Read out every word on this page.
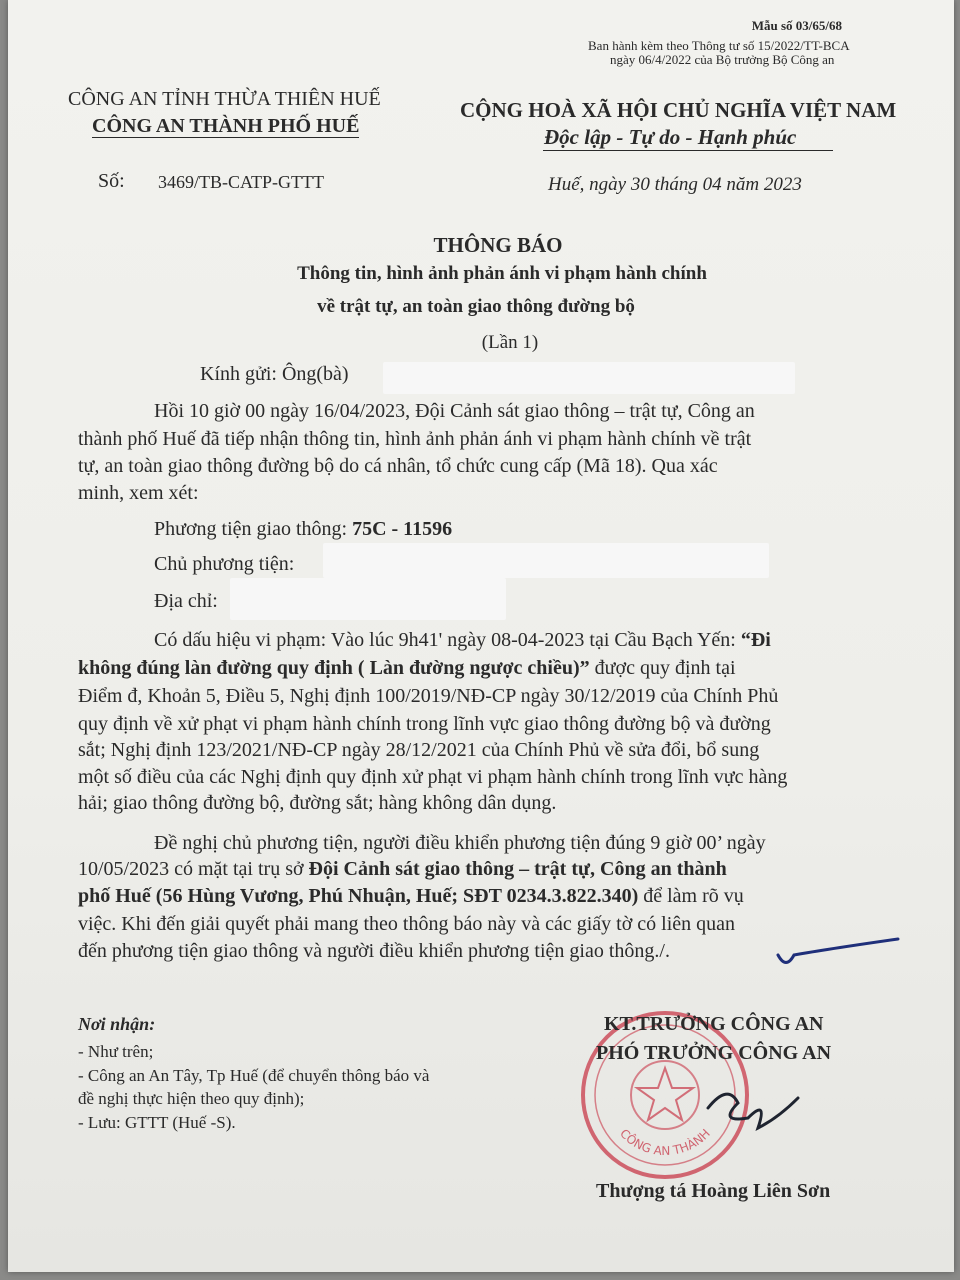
Mẫu số 03/65/68
Ban hành kèm theo Thông tư số 15/2022/TT-BCA
ngày 06/4/2022 của Bộ trưởng Bộ Công an
CÔNG AN TỈNH THỪA THIÊN HUẾ
CÔNG AN THÀNH PHỐ HUẾ
Số: 3469/TB-CATP-GTTT
CỘNG HOÀ XÃ HỘI CHỦ NGHĨA VIỆT NAM
Độc lập - Tự do - Hạnh phúc
Huế, ngày 30 tháng 04 năm 2023
THÔNG BÁO
Thông tin, hình ảnh phản ánh vi phạm hành chính
về trật tự, an toàn giao thông đường bộ
(Lần 1)
Kính gửi: Ông(bà)
Hồi 10 giờ 00 ngày 16/04/2023, Đội Cảnh sát giao thông – trật tự, Công an
thành phố Huế đã tiếp nhận thông tin, hình ảnh phản ánh vi phạm hành chính về trật
tự, an toàn giao thông đường bộ do cá nhân, tổ chức cung cấp (Mã 18). Qua xác
minh, xem xét:
Phương tiện giao thông: 75C - 11596
Chủ phương tiện:
Địa chỉ:
Có dấu hiệu vi phạm: Vào lúc 9h41' ngày 08-04-2023 tại Cầu Bạch Yến: “Đi
không đúng làn đường quy định ( Làn đường ngược chiều)” được quy định tại
Điểm đ, Khoản 5, Điều 5, Nghị định 100/2019/NĐ-CP ngày 30/12/2019 của Chính Phủ
quy định về xử phạt vi phạm hành chính trong lĩnh vực giao thông đường bộ và đường
sắt; Nghị định 123/2021/NĐ-CP ngày 28/12/2021 của Chính Phủ về sửa đổi, bổ sung
một số điều của các Nghị định quy định xử phạt vi phạm hành chính trong lĩnh vực hàng
hải; giao thông đường bộ, đường sắt; hàng không dân dụng.
Đề nghị chủ phương tiện, người điều khiển phương tiện đúng 9 giờ 00’ ngày
10/05/2023 có mặt tại trụ sở Đội Cảnh sát giao thông – trật tự, Công an thành
phố Huế (56 Hùng Vương, Phú Nhuận, Huế; SĐT 0234.3.822.340) để làm rõ vụ
việc. Khi đến giải quyết phải mang theo thông báo này và các giấy tờ có liên quan
đến phương tiện giao thông và người điều khiển phương tiện giao thông./.
Nơi nhận:
- Như trên;
- Công an An Tây, Tp Huế (để chuyển thông báo và
đề nghị thực hiện theo quy định);
- Lưu: GTTT (Huế -S).
CÔNG AN THÀNH
KT.TRƯỞNG CÔNG AN
PHÓ TRƯỞNG CÔNG AN
Thượng tá Hoàng Liên Sơn
